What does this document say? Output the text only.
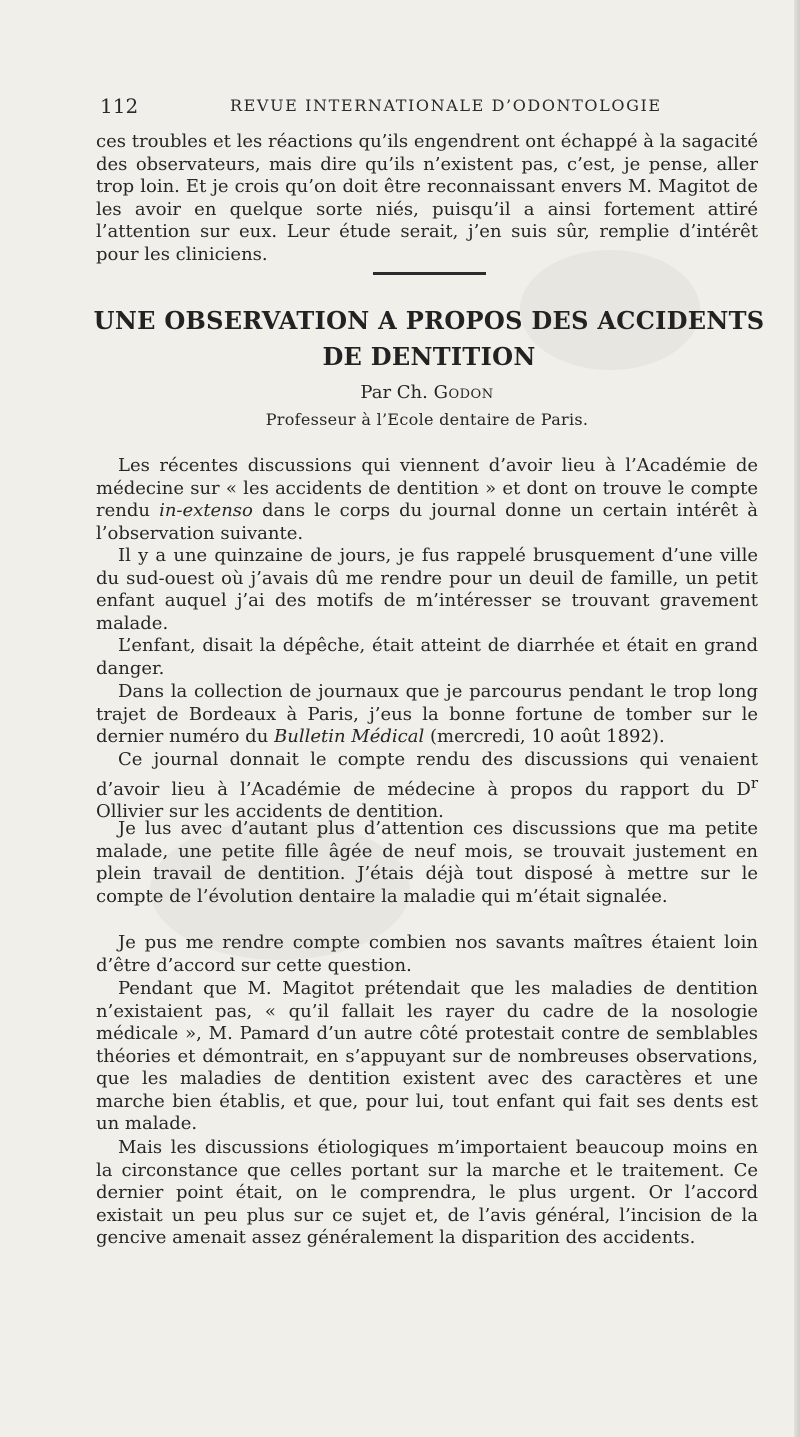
112	REVUE INTERNATIONALE D’ODONTOLOGIE

ces troubles et les réactions qu’ils engendrent ont échappé à la sagacité des observateurs, mais dire qu’ils n’existent pas, c’est, je pense, aller trop loin. Et je crois qu’on doit être reconnaissant envers M. Magitot de les avoir en quelque sorte niés, puisqu’il a ainsi fortement attiré l’attention sur eux. Leur étude serait, j’en suis sûr, remplie d’intérêt pour les cliniciens.

UNE OBSERVATION A PROPOS DES ACCIDENTS DE DENTITION
Par Ch. Godon
Professeur à l’Ecole dentaire de Paris.

Les récentes discussions qui viennent d’avoir lieu à l’Académie de médecine sur « les accidents de dentition » et dont on trouve le compte rendu in-extenso dans le corps du journal donne un certain intérêt à l’observation suivante.

Il y a une quinzaine de jours, je fus rappelé brusquement d’une ville du sud-ouest où j’avais dû me rendre pour un deuil de famille, un petit enfant auquel j’ai des motifs de m’intéresser se trouvant gravement malade.

L’enfant, disait la dépêche, était atteint de diarrhée et était en grand danger.

Dans la collection de journaux que je parcourus pendant le trop long trajet de Bordeaux à Paris, j’eus la bonne fortune de tomber sur le dernier numéro du Bulletin Médical (mercredi, 10 août 1892).

Ce journal donnait le compte rendu des discussions qui venaient d’avoir lieu à l’Académie de médecine à propos du rapport du $D^r$ Ollivier sur les accidents de dentition.

Je lus avec d’autant plus d’attention ces discussions que ma petite malade, une petite fille âgée de neuf mois, se trouvait justement en plein travail de dentition. J’étais déjà tout disposé à mettre sur le compte de l’évolution dentaire la maladie qui m’était signalée.

Je pus me rendre compte combien nos savants maîtres étaient loin d’être d’accord sur cette question.

Pendant que M. Magitot prétendait que les maladies de dentition n’existaient pas, « qu’il fallait les rayer du cadre de la nosologie médicale », M. Pamard d’un autre côté protestait contre de semblables théories et démontrait, en s’appuyant sur de nombreuses observations, que les maladies de dentition existent avec des caractères et une marche bien établis, et que, pour lui, tout enfant qui fait ses dents est un malade.

Mais les discussions étiologiques m’importaient beaucoup moins en la circonstance que celles portant sur la marche et le traitement. Ce dernier point était, on le comprendra, le plus urgent. Or l’accord existait un peu plus sur ce sujet et, de l’avis général, l’incision de la gencive amenait assez généralement la disparition des accidents.
